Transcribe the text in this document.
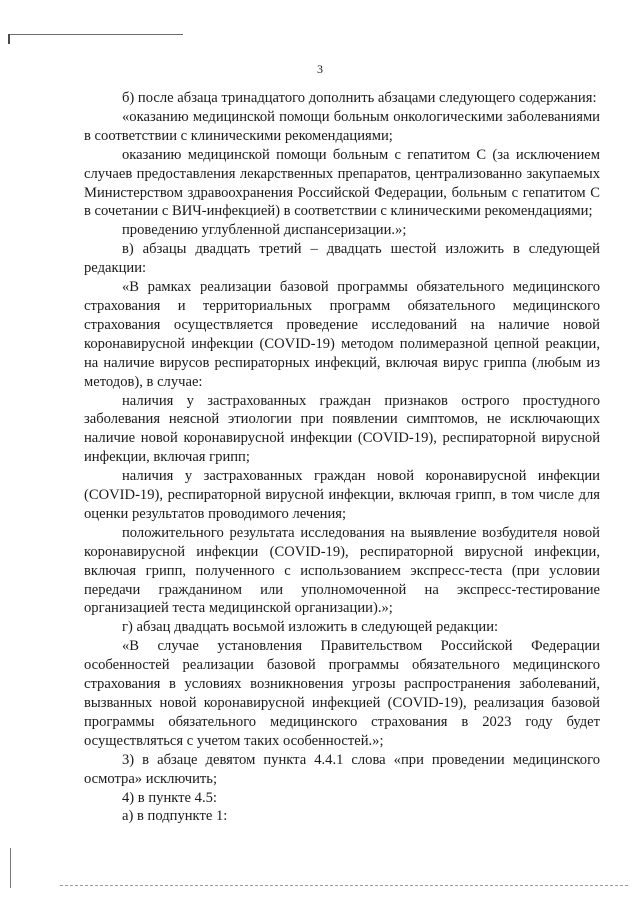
3

б) после абзаца тринадцатого дополнить абзацами следующего содержания:

«оказанию медицинской помощи больным онкологическими заболеваниями в соответствии с клиническими рекомендациями;

оказанию медицинской помощи больным с гепатитом С (за исключением случаев предоставления лекарственных препаратов, централизованно закупаемых Министерством здравоохранения Российской Федерации, больным с гепатитом С в сочетании с ВИЧ-инфекцией) в соответствии с клиническими рекомендациями;

проведению углубленной диспансеризации.»;

в) абзацы двадцать третий – двадцать шестой изложить в следующей редакции:

«В рамках реализации базовой программы обязательного медицинского страхования и территориальных программ обязательного медицинского страхования осуществляется проведение исследований на наличие новой коронавирусной инфекции (COVID-19) методом полимеразной цепной реакции, на наличие вирусов респираторных инфекций, включая вирус гриппа (любым из методов), в случае:

наличия у застрахованных граждан признаков острого простудного заболевания неясной этиологии при появлении симптомов, не исключающих наличие новой коронавирусной инфекции (COVID-19), респираторной вирусной инфекции, включая грипп;

наличия у застрахованных граждан новой коронавирусной инфекции (COVID-19), респираторной вирусной инфекции, включая грипп, в том числе для оценки результатов проводимого лечения;

положительного результата исследования на выявление возбудителя новой коронавирусной инфекции (COVID-19), респираторной вирусной инфекции, включая грипп, полученного с использованием экспресс-теста (при условии передачи гражданином или уполномоченной на экспресс-тестирование организацией теста медицинской организации).»;

г) абзац двадцать восьмой изложить в следующей редакции:

«В случае установления Правительством Российской Федерации особенностей реализации базовой программы обязательного медицинского страхования в условиях возникновения угрозы распространения заболеваний, вызванных новой коронавирусной инфекцией (COVID-19), реализация базовой программы обязательного медицинского страхования в 2023 году будет осуществляться с учетом таких особенностей.»;

3) в абзаце девятом пункта 4.4.1 слова «при проведении медицинского осмотра» исключить;

4) в пункте 4.5:

а) в подпункте 1:
